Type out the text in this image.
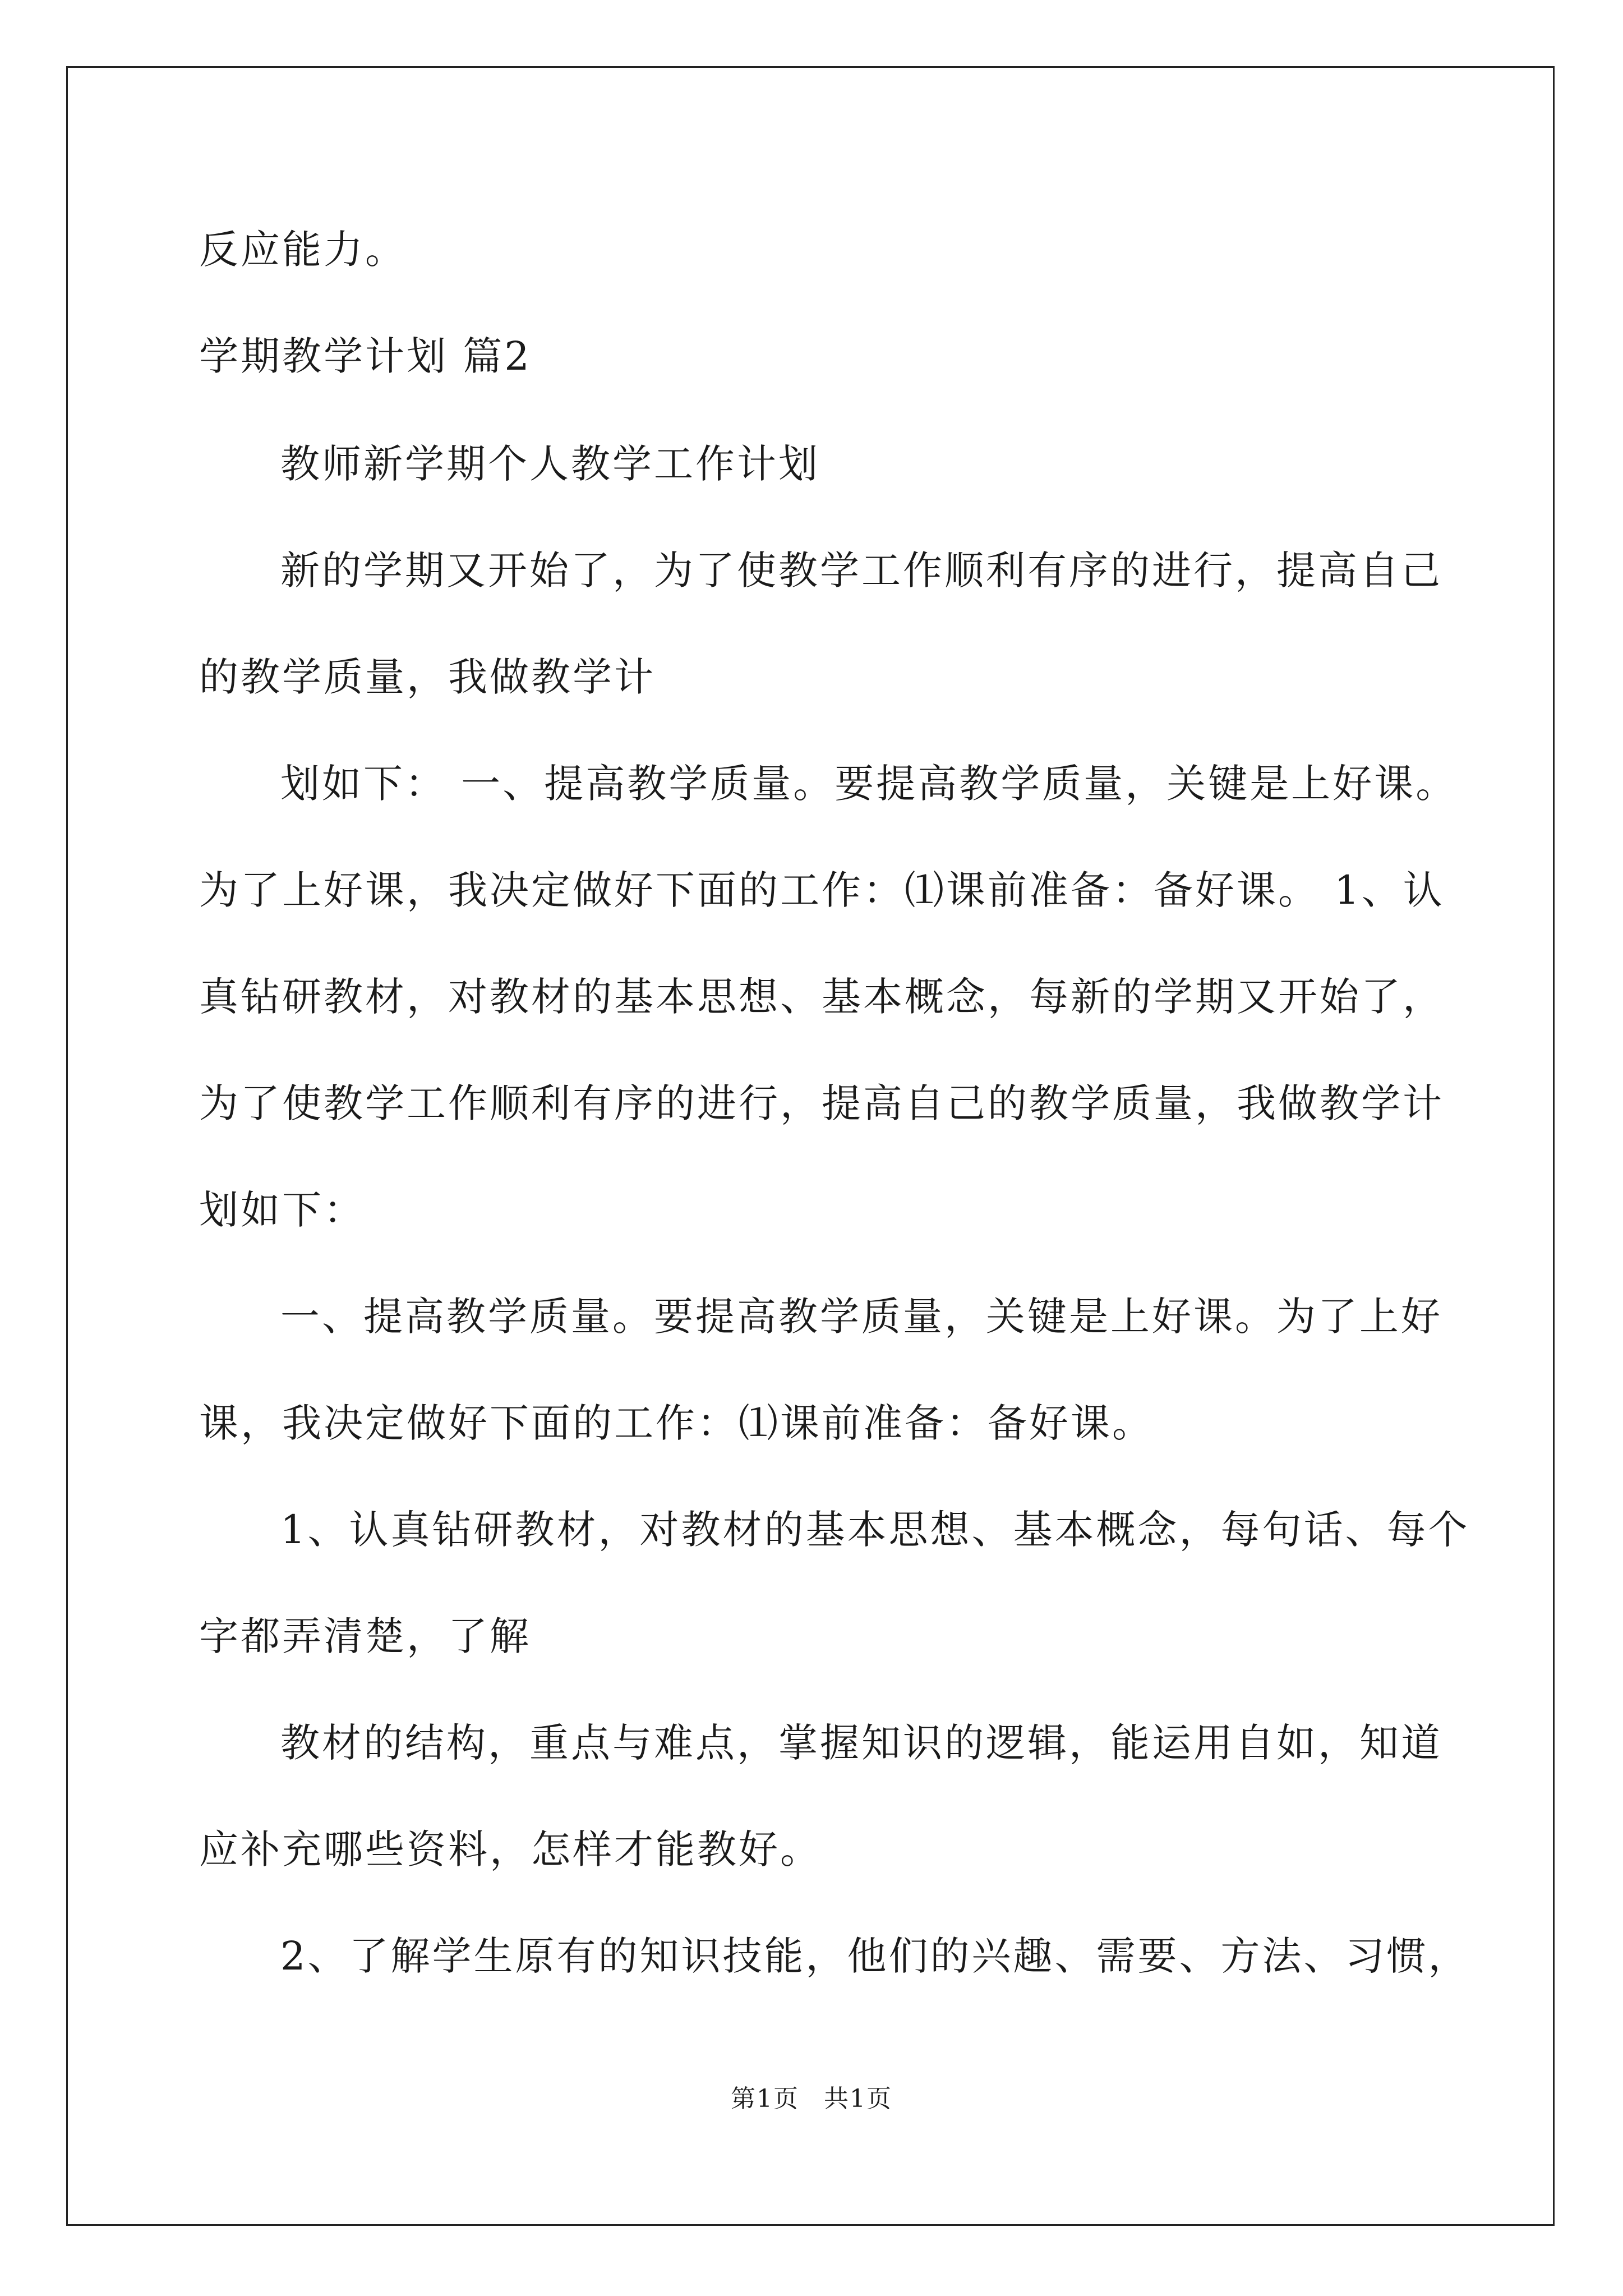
反应能力。
学期教学计划 篇2
教师新学期个人教学工作计划
新的学期又开始了，为了使教学工作顺利有序的进行，提高自己
的教学质量，我做教学计
划如下： 一、提高教学质量。要提高教学质量，关键是上好课。
为了上好课，我决定做好下面的工作：⑴课前准备：备好课。 1、认
真钻研教材，对教材的基本思想、基本概念，每新的学期又开始了，
为了使教学工作顺利有序的进行，提高自己的教学质量，我做教学计
划如下：
一、提高教学质量。要提高教学质量，关键是上好课。为了上好
课，我决定做好下面的工作：⑴课前准备：备好课。
1、认真钻研教材，对教材的基本思想、基本概念，每句话、每个
字都弄清楚，了解
教材的结构，重点与难点，掌握知识的逻辑，能运用自如，知道
应补充哪些资料，怎样才能教好。
2、了解学生原有的知识技能，他们的兴趣、需要、方法、习惯，
第1页 共1页
